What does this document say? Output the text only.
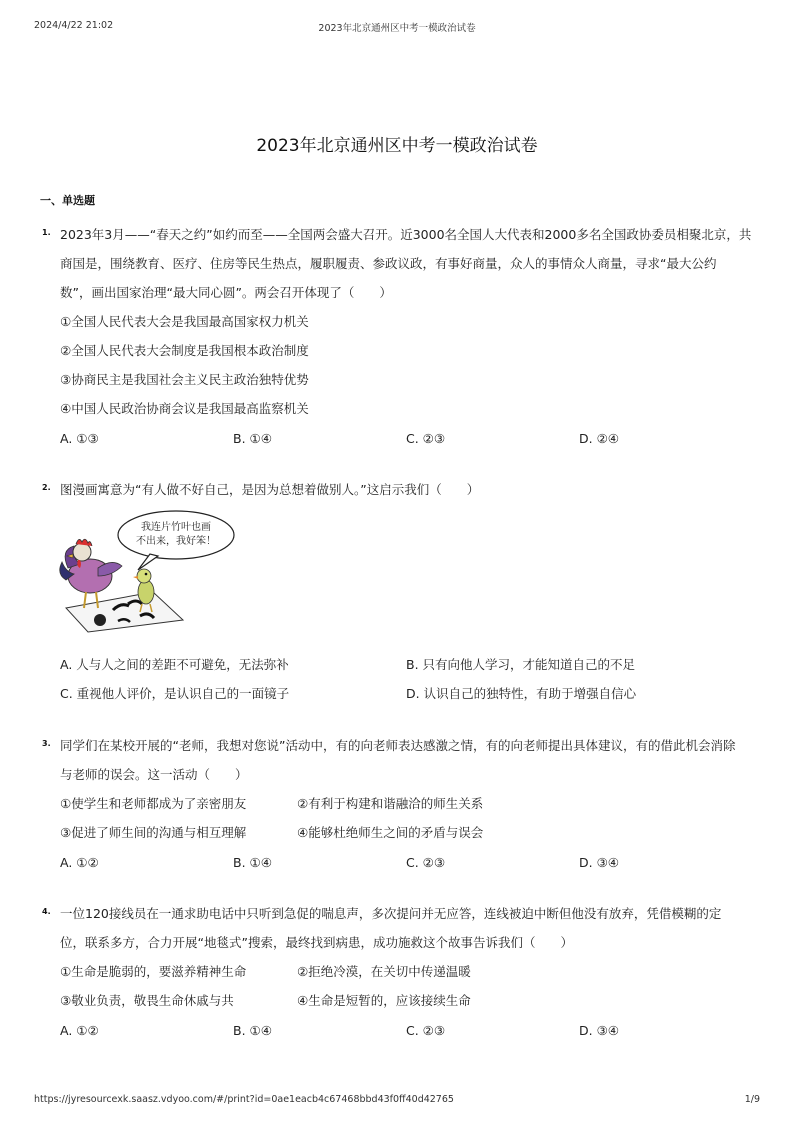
2024/4/22 21:02	2023年北京通州区中考一模政治试卷
2023年北京通州区中考一模政治试卷
一、单选题
1. 2023年3月——“春天之约”如约而至——全国两会盛大召开。近3000名全国人大代表和2000多名全国政协委员相聚北京，共
商国是，围绕教育、医疗、住房等民生热点，履职履责、参政议政，有事好商量，众人的事情众人商量，寻求“最大公约
数”，画出国家治理“最大同心圆”。两会召开体现了（　　）
①全国人民代表大会是我国最高国家权力机关
②全国人民代表大会制度是我国根本政治制度
③协商民主是我国社会主义民主政治独特优势
④中国人民政治协商会议是我国最高监察机关
A. ①③	B. ①④	C. ②③	D. ②④
2. 图漫画寓意为“有人做不好自己，是因为总想着做别人。”这启示我们（　　）
我连片竹叶也画
不出来，我好笨！
A. 人与人之间的差距不可避免，无法弥补	B. 只有向他人学习，才能知道自己的不足
C. 重视他人评价，是认识自己的一面镜子	D. 认识自己的独特性，有助于增强自信心
3. 同学们在某校开展的“老师，我想对您说”活动中，有的向老师表达感激之情，有的向老师提出具体建议，有的借此机会消除
与老师的误会。这一活动（　　）
①使学生和老师都成为了亲密朋友	②有利于构建和谐融洽的师生关系
③促进了师生间的沟通与相互理解	④能够杜绝师生之间的矛盾与误会
A. ①②	B. ①④	C. ②③	D. ③④
4. 一位120接线员在一通求助电话中只听到急促的喘息声，多次提问并无应答，连线被迫中断但他没有放弃，凭借模糊的定
位，联系多方，合力开展“地毯式”搜索，最终找到病患，成功施救这个故事告诉我们（　　）
①生命是脆弱的，要滋养精神生命	②拒绝冷漠，在关切中传递温暖
③敬业负责，敬畏生命休戚与共	④生命是短暂的，应该接续生命
A. ①②	B. ①④	C. ②③	D. ③④
https://jyresourcexk.saasz.vdyoo.com/#/print?id=0ae1eacb4c67468bbd43f0ff40d42765	1/9
